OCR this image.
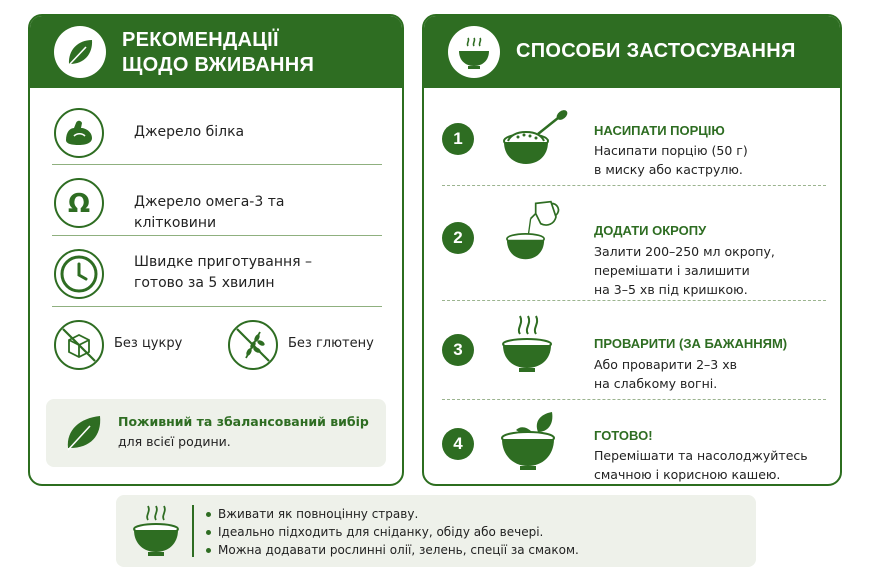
РЕКОМЕНДАЦІЇ
ЩОДО ВЖИВАННЯ
Джерело білка
Ω	Джерело омега-3 та клітковини
Швидке приготування –
готово за 5 хвилин
Без цукру	Без глютену
Поживний та збалансований вибір
для всієї родини.
СПОСОБИ ЗАСТОСУВАННЯ
1	НАСИПАТИ ПОРЦІЮ
Насипати порцію (50 г)
в миску або каструлю.
2	ДОДАТИ ОКРОПУ
Залити 200–250 мл окропу,
перемішати і залишити
на 3–5 хв під кришкою.
3	ПРОВАРИТИ (ЗА БАЖАННЯМ)
Або проварити 2–3 хв
на слабкому вогні.
4	ГОТОВО!
Перемішати та насолоджуйтесь
смачною і корисною кашею.
Вживати як повноцінну страву.
Ідеально підходить для сніданку, обіду або вечері.
Можна додавати рослинні олії, зелень, спеції за смаком.
